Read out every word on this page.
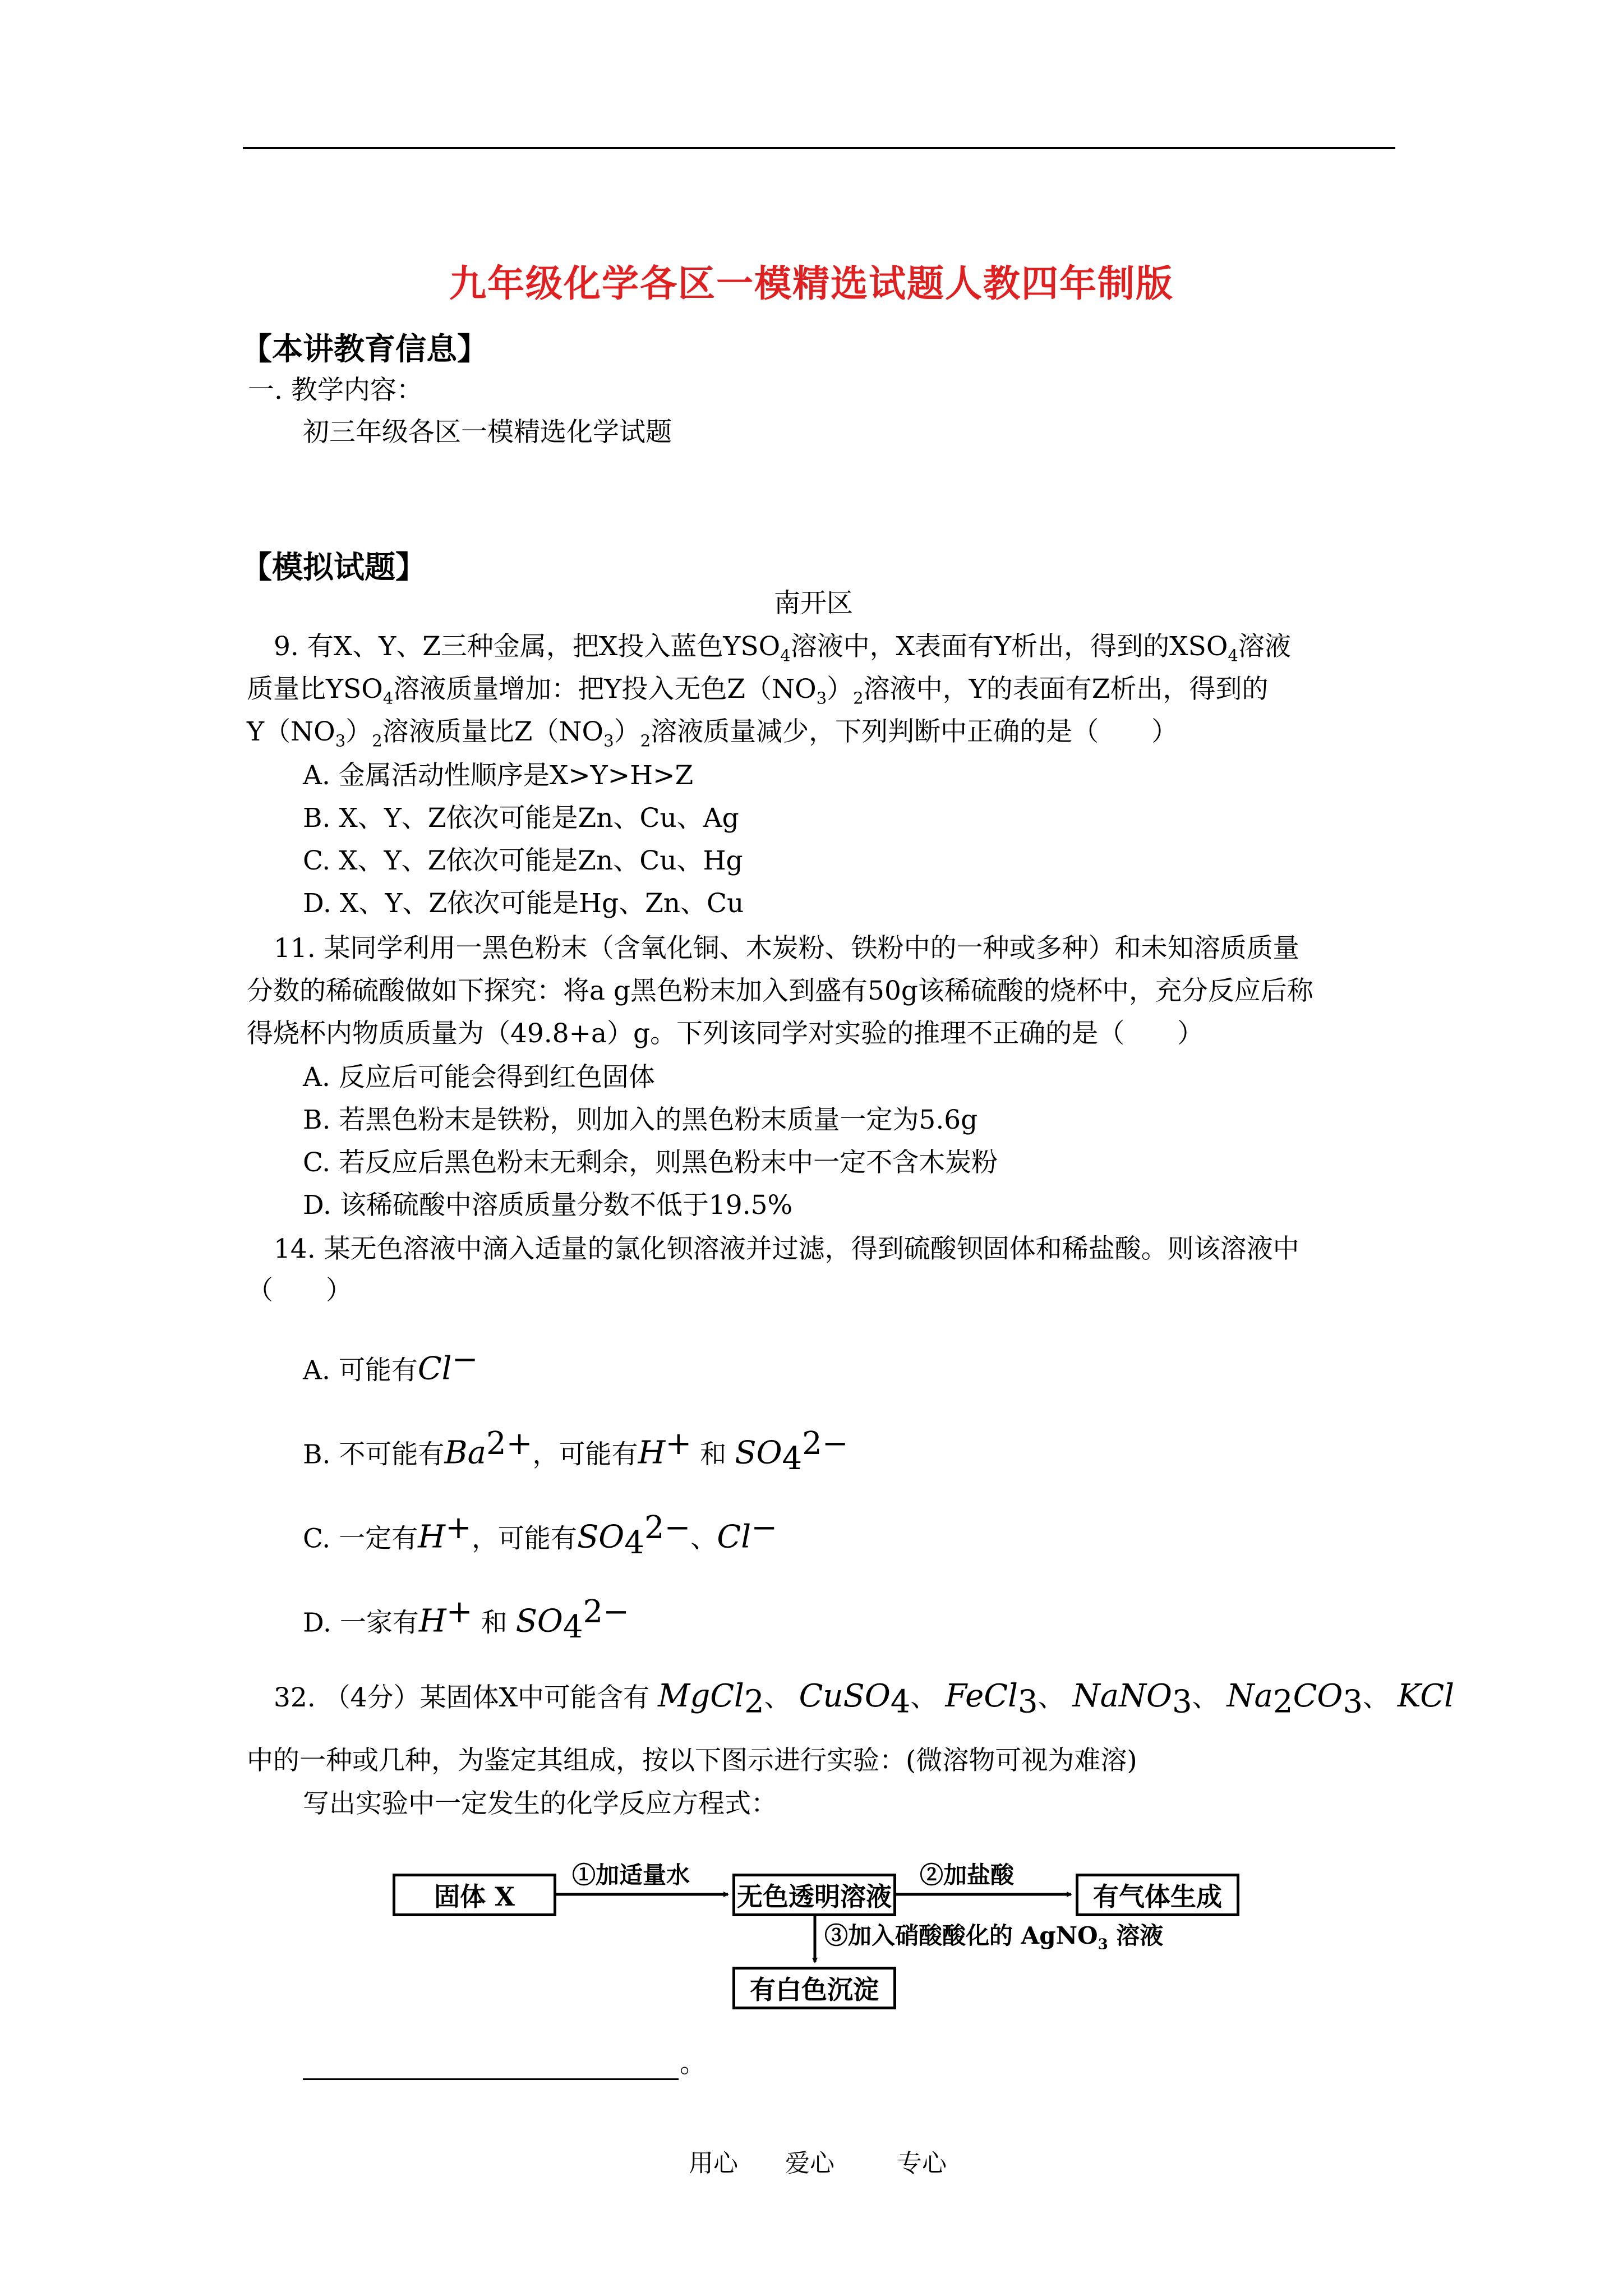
九年级化学各区一模精选试题人教四年制版
【本讲教育信息】
一. 教学内容：
初三年级各区一模精选化学试题
【模拟试题】
南开区
9. 有X、Y、Z三种金属，把X投入蓝色$YSO_4$溶液中，X表面有Y析出，得到的$XSO_4$溶液
质量比$YSO_4$溶液质量增加：把Y投入无色$Z(NO_3)_2$溶液中，Y的表面有Z析出，得到的
$Y(NO_3)_2$溶液质量比$Z(NO_3)_2$溶液质量减少，下列判断中正确的是（　　）
A. 金属活动性顺序是X>Y>H>Z
B. X、Y、Z依次可能是Zn、Cu、Ag
C. X、Y、Z依次可能是Zn、Cu、Hg
D. X、Y、Z依次可能是Hg、Zn、Cu
11. 某同学利用一黑色粉末（含氧化铜、木炭粉、铁粉中的一种或多种）和未知溶质质量
分数的稀硫酸做如下探究：将a g黑色粉末加入到盛有50g该稀硫酸的烧杯中，充分反应后称
得烧杯内物质质量为（49.8+a）g。下列该同学对实验的推理不正确的是（　　）
A. 反应后可能会得到红色固体
B. 若黑色粉末是铁粉，则加入的黑色粉末质量一定为5.6g
C. 若反应后黑色粉末无剩余，则黑色粉末中一定不含木炭粉
D. 该稀硫酸中溶质质量分数不低于19.5%
14. 某无色溶液中滴入适量的氯化钡溶液并过滤，得到硫酸钡固体和稀盐酸。则该溶液中
（　　）
A. 可能有Cl−
B. 不可能有$Ba^{2+}$，可能有H+ 和 $SO_4^{2-}$
C. 一定有H+，可能有$SO_4^{2-}$、Cl−
D. 一家有H+ 和 $SO_4^{2-}$
32. （4分）某固体X中可能含有 MgCl$_2$、 CuSO$_4$、 FeCl$_3$、 NaNO$_3$、 $Na_2CO_3$、 KCl
中的一种或几种，为鉴定其组成，按以下图示进行实验：(微溶物可视为难溶)
写出实验中一定发生的化学反应方程式：
固体 X
①加适量水
无色透明溶液
②加盐酸
有气体生成
③加入硝酸酸化的 AgNO$_3$ 溶液
有白色沉淀
。
用心 爱心	专心
